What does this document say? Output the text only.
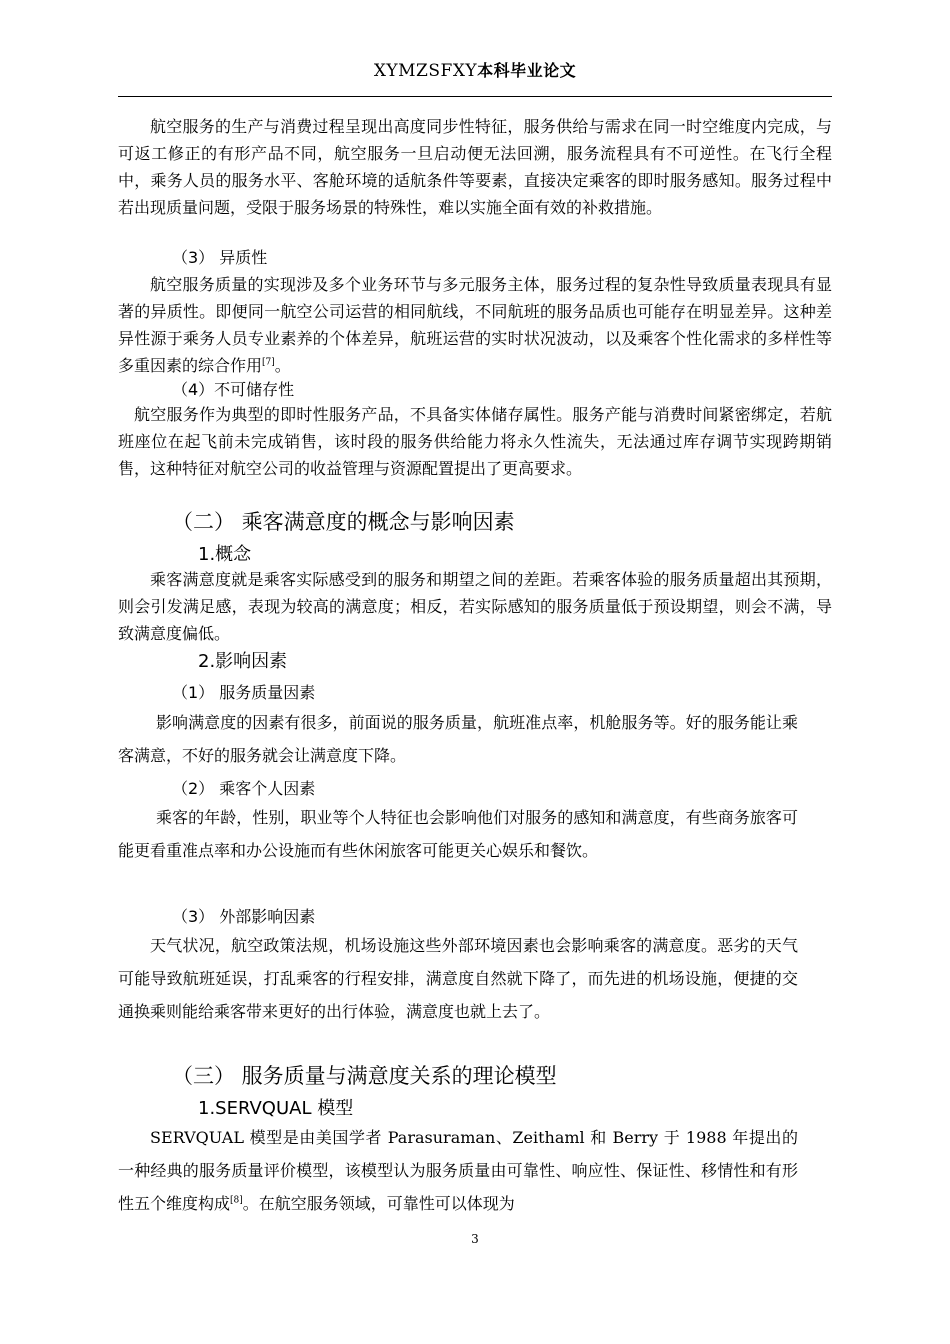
XYMZSFXY本科毕业论文
航空服务的生产与消费过程呈现出高度同步性特征，服务供给与需求在同一时空维度内完成，与可返工修正的有形产品不同，航空服务一旦启动便无法回溯，服务流程具有不可逆性。在飞行全程中，乘务人员的服务水平、客舱环境的适航条件等要素，直接决定乘客的即时服务感知。服务过程中若出现质量问题，受限于服务场景的特殊性，难以实施全面有效的补救措施。
（3） 异质性
航空服务质量的实现涉及多个业务环节与多元服务主体，服务过程的复杂性导致质量表现具有显著的异质性。即便同一航空公司运营的相同航线，不同航班的服务品质也可能存在明显差异。这种差异性源于乘务人员专业素养的个体差异，航班运营的实时状况波动，以及乘客个性化需求的多样性等多重因素的综合作用[7]。
（4）不可储存性
航空服务作为典型的即时性服务产品，不具备实体储存属性。服务产能与消费时间紧密绑定，若航班座位在起飞前未完成销售，该时段的服务供给能力将永久性流失，无法通过库存调节实现跨期销售，这种特征对航空公司的收益管理与资源配置提出了更高要求。
（二） 乘客满意度的概念与影响因素
1.概念
乘客满意度就是乘客实际感受到的服务和期望之间的差距。若乘客体验的服务质量超出其预期，则会引发满足感，表现为较高的满意度；相反，若实际感知的服务质量低于预设期望，则会不满，导致满意度偏低。
2.影响因素
（1） 服务质量因素
影响满意度的因素有很多，前面说的服务质量，航班准点率，机舱服务等。好的服务能让乘客满意，不好的服务就会让满意度下降。
（2） 乘客个人因素
乘客的年龄，性别，职业等个人特征也会影响他们对服务的感知和满意度，有些商务旅客可能更看重准点率和办公设施而有些休闲旅客可能更关心娱乐和餐饮。
（3） 外部影响因素
天气状况，航空政策法规，机场设施这些外部环境因素也会影响乘客的满意度。恶劣的天气可能导致航班延误，打乱乘客的行程安排，满意度自然就下降了，而先进的机场设施，便捷的交通换乘则能给乘客带来更好的出行体验，满意度也就上去了。
（三） 服务质量与满意度关系的理论模型
1.SERVQUAL 模型
SERVQUAL 模型是由美国学者 Parasuraman、Zeithaml 和 Berry 于 1988 年提出的一种经典的服务质量评价模型，该模型认为服务质量由可靠性、响应性、保证性、移情性和有形性五个维度构成[8]。在航空服务领域，可靠性可以体现为
3
